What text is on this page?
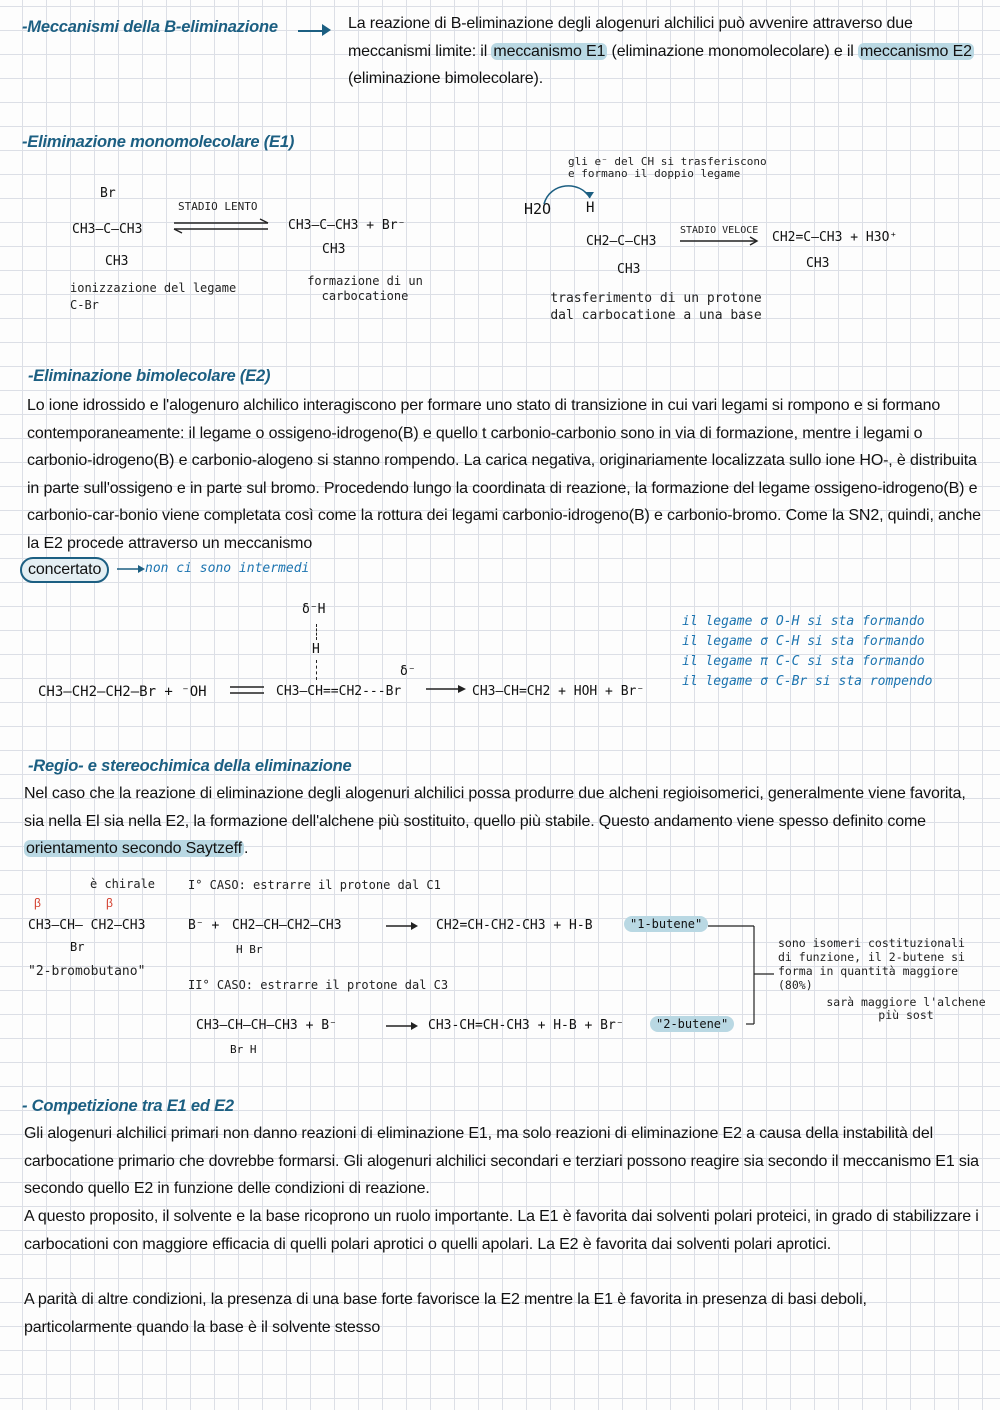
-Meccanismi della B-eliminazione	La reazione di B-eliminazione degli alogenuri alchilici può avvenire attraverso due meccanismi limite: il meccanismo E1 (eliminazione monomolecolare) e il meccanismo E2 (eliminazione bimolecolare).
-Eliminazione monomolecolare (E1)
Br
CH3–C–CH3
CH3
STADIO LENTO
CH3–C–CH3 + Br⁻
CH3
ionizzazione del legame C-Br
formazione di un carbocatione
gli e⁻ del CH si trasferiscono e formano il doppio legame
H2O H
CH2–C–CH3
CH3
STADIO VELOCE CH2=C–CH3 + H3O⁺
CH3
trasferimento di un protone dal carbocatione a una base
-Eliminazione bimolecolare (E2)
Lo ione idrossido e l'alogenuro alchilico interagiscono per formare uno stato di transizione in cui vari legami si rompono e si formano contemporaneamente: il legame o ossigeno-idrogeno(B) e quello t carbonio-carbonio sono in via di formazione, mentre i legami o carbonio-idrogeno(B) e carbonio-alogeno si stanno rompendo. La carica negativa, originariamente localizzata sullo ione HO-, è distribuita in parte sull'ossigeno e in parte sul bromo. Procedendo lungo la coordinata di reazione, la formazione del legame ossigeno-idrogeno(B) e carbonio-car-bonio viene completata così come la rottura dei legami carbonio-idrogeno(B) e carbonio-bromo. Come la SN2, quindi, anche la E2 procede attraverso un meccanismo
concertato	non ci sono intermedi
CH3–CH2–CH2–Br + ⁻OH
δ⁻H
H
CH3–CH==CH2---Br
δ⁻
→ CH3–CH=CH2 + HOH + Br⁻
il legame σ O-H si sta formando
il legame σ C-H si sta formando
il legame π C-C si sta formando
il legame σ C-Br si sta rompendo
-Regio- e stereochimica della eliminazione
Nel caso che la reazione di eliminazione degli alogenuri alchilici possa produrre due alcheni regioisomerici, generalmente viene favorita, sia nella El sia nella E2, la formazione dell'alchene più sostituito, quello più stabile. Questo andamento viene spesso definito come orientamento secondo Saytzeff .
è chirale
β	β
CH3–CH– CH2–CH3
Br
"2-bromobutano"
I° CASO: estrarre il protone dal C1
B⁻ + CH2–CH–CH2–CH3
H Br
→ CH2=CH-CH2-CH3 + H-B	"1-butene"
II° CASO: estrarre il protone dal C3
CH3–CH–CH–CH3 + B⁻
Br H
→ CH3-CH=CH-CH3 + H-B + Br⁻	"2-butene"
sono isomeri costituzionali di funzione, il 2-butene si forma in quantità maggiore (80%)
sarà maggiore l'alchene più sost
- Competizione tra E1 ed E2
Gli alogenuri alchilici primari non danno reazioni di eliminazione E1, ma solo reazioni di eliminazione E2 a causa della instabilità del carbocatione primario che dovrebbe formarsi. Gli alogenuri alchilici secondari e terziari possono reagire sia secondo il meccanismo E1 sia secondo quello E2 in funzione delle condizioni di reazione.
A questo proposito, il solvente e la base ricoprono un ruolo importante. La E1 è favorita dai solventi polari proteici, in grado di stabilizzare i carbocationi con maggiore efficacia di quelli polari aprotici o quelli apolari. La E2 è favorita dai solventi polari aprotici.
A parità di altre condizioni, la presenza di una base forte favorisce la E2 mentre la E1 è favorita in presenza di basi deboli, particolarmente quando la base è il solvente stesso
